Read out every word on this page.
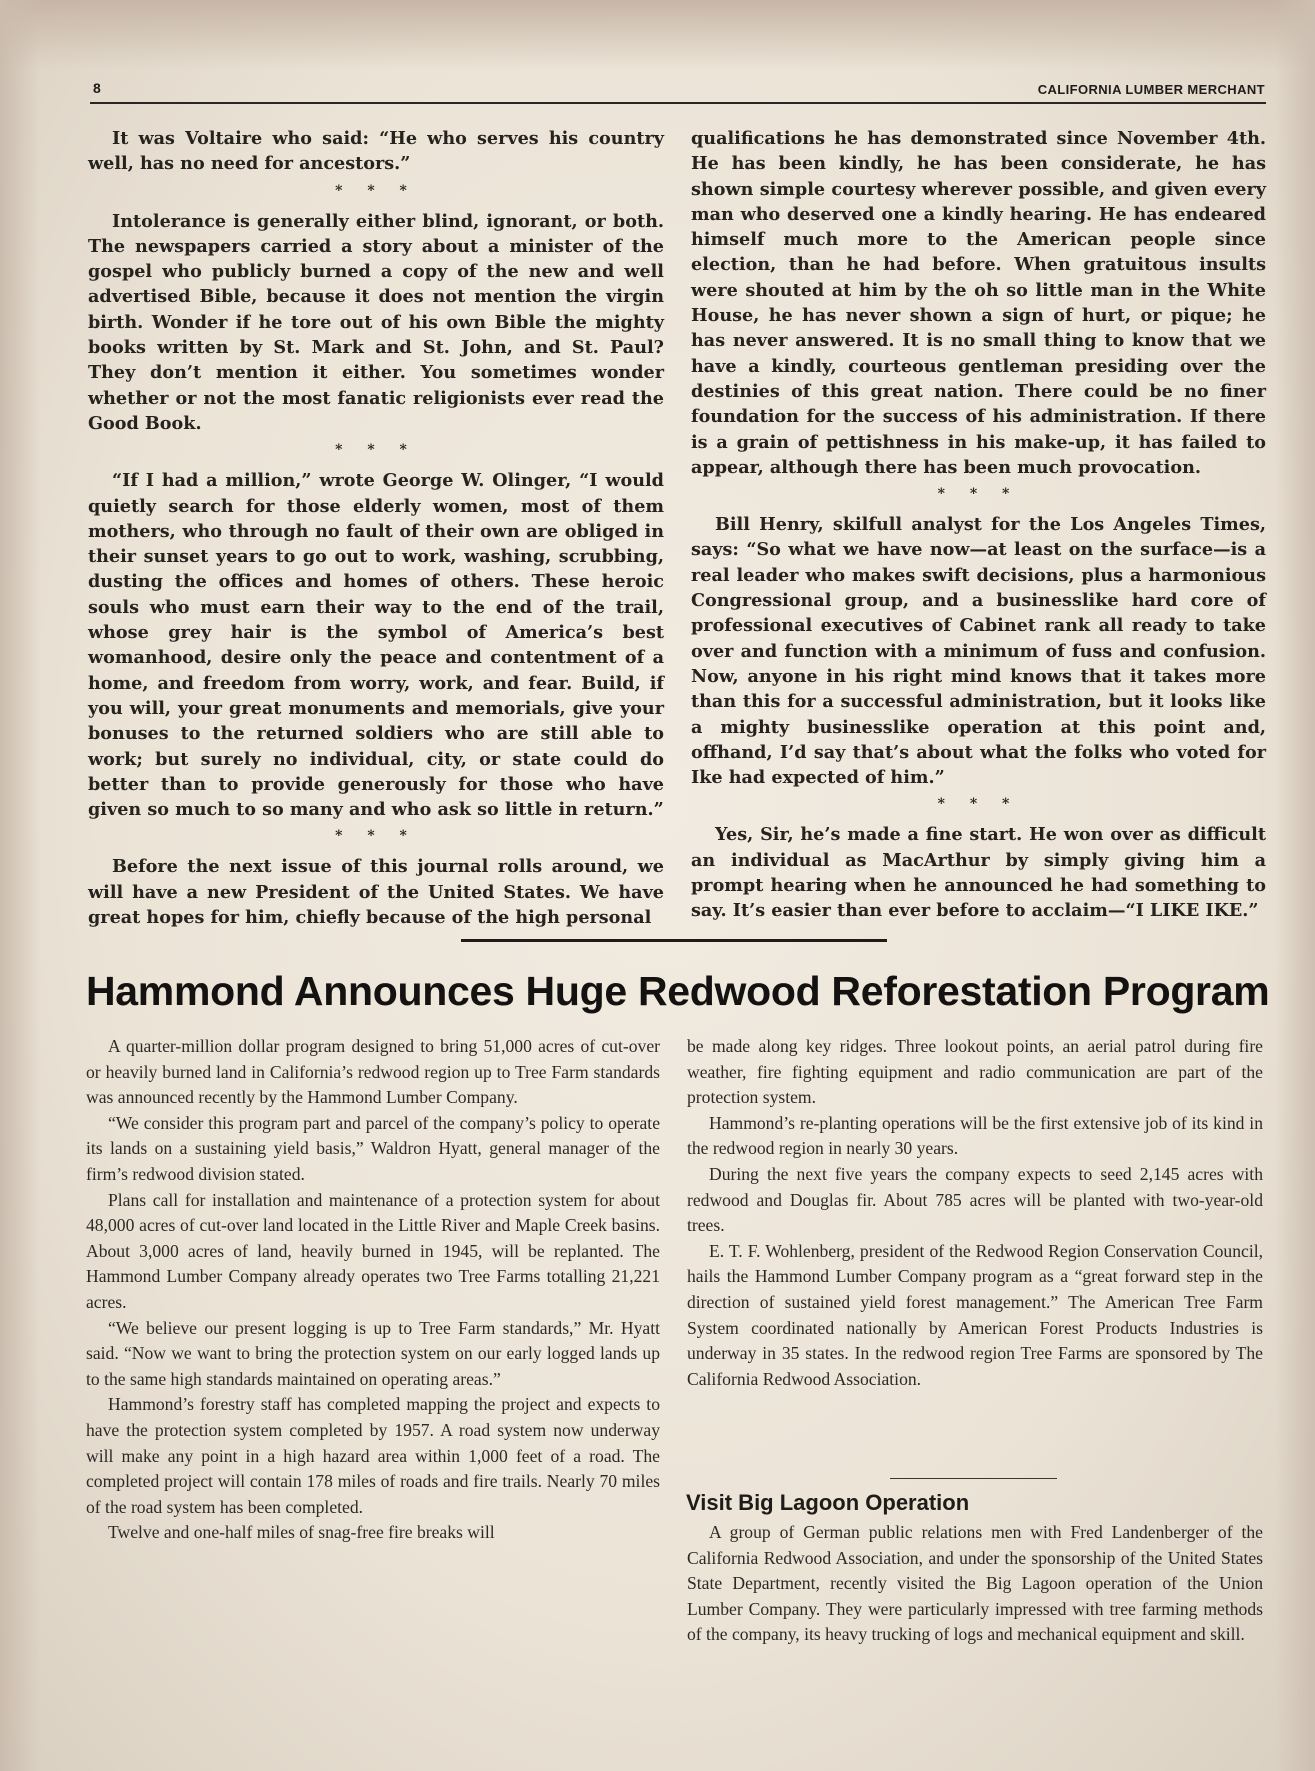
8	CALIFORNIA LUMBER MERCHANT

It was Voltaire who said: “He who serves his country well, has no need for ancestors.”

* * *

Intolerance is generally either blind, ignorant, or both. The newspapers carried a story about a minister of the gospel who publicly burned a copy of the new and well advertised Bible, because it does not mention the virgin birth. Wonder if he tore out of his own Bible the mighty books written by St. Mark and St. John, and St. Paul? They don’t mention it either. You sometimes wonder whether or not the most fanatic religionists ever read the Good Book.

* * *

“If I had a million,” wrote George W. Olinger, “I would quietly search for those elderly women, most of them mothers, who through no fault of their own are obliged in their sunset years to go out to work, washing, scrubbing, dusting the offices and homes of others. These heroic souls who must earn their way to the end of the trail, whose grey hair is the symbol of America’s best womanhood, desire only the peace and contentment of a home, and freedom from worry, work, and fear. Build, if you will, your great monuments and memorials, give your bonuses to the returned soldiers who are still able to work; but surely no individual, city, or state could do better than to provide generously for those who have given so much to so many and who ask so little in return.”

* * *

Before the next issue of this journal rolls around, we will have a new President of the United States. We have great hopes for him, chiefly because of the high personal

qualifications he has demonstrated since November 4th. He has been kindly, he has been considerate, he has shown simple courtesy wherever possible, and given every man who deserved one a kindly hearing. He has endeared himself much more to the American people since election, than he had before. When gratuitous insults were shouted at him by the oh so little man in the White House, he has never shown a sign of hurt, or pique; he has never answered. It is no small thing to know that we have a kindly, courteous gentleman presiding over the destinies of this great nation. There could be no finer foundation for the success of his administration. If there is a grain of pettishness in his make-up, it has failed to appear, although there has been much provocation.

* * *

Bill Henry, skilfull analyst for the Los Angeles Times, says: “So what we have now—at least on the surface—is a real leader who makes swift decisions, plus a harmonious Congressional group, and a businesslike hard core of professional executives of Cabinet rank all ready to take over and function with a minimum of fuss and confusion. Now, anyone in his right mind knows that it takes more than this for a successful administration, but it looks like a mighty businesslike operation at this point and, offhand, I’d say that’s about what the folks who voted for Ike had expected of him.”

* * *

Yes, Sir, he’s made a fine start. He won over as difficult an individual as MacArthur by simply giving him a prompt hearing when he announced he had something to say. It’s easier than ever before to acclaim—“I LIKE IKE.”

Hammond Announces Huge Redwood Reforestation Program

A quarter-million dollar program designed to bring 51,000 acres of cut-over or heavily burned land in California’s redwood region up to Tree Farm standards was announced recently by the Hammond Lumber Company.

“We consider this program part and parcel of the company’s policy to operate its lands on a sustaining yield basis,” Waldron Hyatt, general manager of the firm’s redwood division stated.

Plans call for installation and maintenance of a protection system for about 48,000 acres of cut-over land located in the Little River and Maple Creek basins. About 3,000 acres of land, heavily burned in 1945, will be replanted. The Hammond Lumber Company already operates two Tree Farms totalling 21,221 acres.

“We believe our present logging is up to Tree Farm standards,” Mr. Hyatt said. “Now we want to bring the protection system on our early logged lands up to the same high standards maintained on operating areas.”

Hammond’s forestry staff has completed mapping the project and expects to have the protection system completed by 1957. A road system now underway will make any point in a high hazard area within 1,000 feet of a road. The completed project will contain 178 miles of roads and fire trails. Nearly 70 miles of the road system has been completed.

Twelve and one-half miles of snag-free fire breaks will

be made along key ridges. Three lookout points, an aerial patrol during fire weather, fire fighting equipment and radio communication are part of the protection system.

Hammond’s re-planting operations will be the first extensive job of its kind in the redwood region in nearly 30 years.

During the next five years the company expects to seed 2,145 acres with redwood and Douglas fir. About 785 acres will be planted with two-year-old trees.

E. T. F. Wohlenberg, president of the Redwood Region Conservation Council, hails the Hammond Lumber Company program as a “great forward step in the direction of sustained yield forest management.” The American Tree Farm System coordinated nationally by American Forest Products Industries is underway in 35 states. In the redwood region Tree Farms are sponsored by The California Redwood Association.

Visit Big Lagoon Operation

A group of German public relations men with Fred Landenberger of the California Redwood Association, and under the sponsorship of the United States State Department, recently visited the Big Lagoon operation of the Union Lumber Company. They were particularly impressed with tree farming methods of the company, its heavy trucking of logs and mechanical equipment and skill.
